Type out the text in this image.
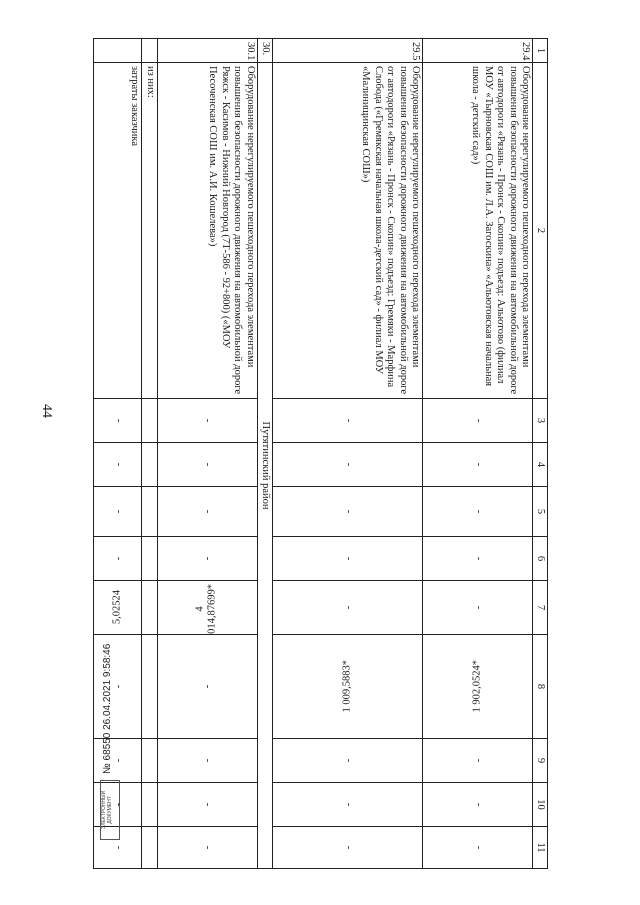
44
1	2	3	4	5	6	7	8	9	10	11
29.4	Оборудование нерегулируемого пешеходного перехода элементами повышения безопасности дорожного движения на автомобильной дороге от автодороги «Рязань - Пронск - Скопин» подъезд: Альютово (филиал МОУ «Тырновская СОШ им. Л.А. Загоскина» «Альютовская начальная школа - детский сад»)	-	-	-	-	-	1 902,0524*	-	-	-
29.5	Оборудование нерегулируемого пешеходного перехода элементами повышения безопасности дорожного движения на автомобильной дороге от автодороги «Рязань - Пронск - Скопин» подъезд: Гремяки - Марфина Слобода («Гремякская начальная школа-детский сад» - филиал МОУ «Малинищинская СОШ»)	-	-	-	-	-	1 009,5883*	-	-	-
30.	Путятинский район									
30.1	Оборудование нерегулируемого пешеходного перехода элементами повышения безопасности дорожного движения на автомобильной дороге Ряжск - Касимов - Нижний Новгород (7Т-586 - 92+800) («МОУ Песоченская СОШ им. А.И. Кошелева»)	-	-	-	-	4 014,87699*	-	-	-	-
	из них:									
	затраты заказчика	-	-	-	-	5,02524	-	-	-	-
ЭЛЕКТРОННЫЙ ДОКУМЕНТ
№ 68550 26.04.2021 9:58:46
